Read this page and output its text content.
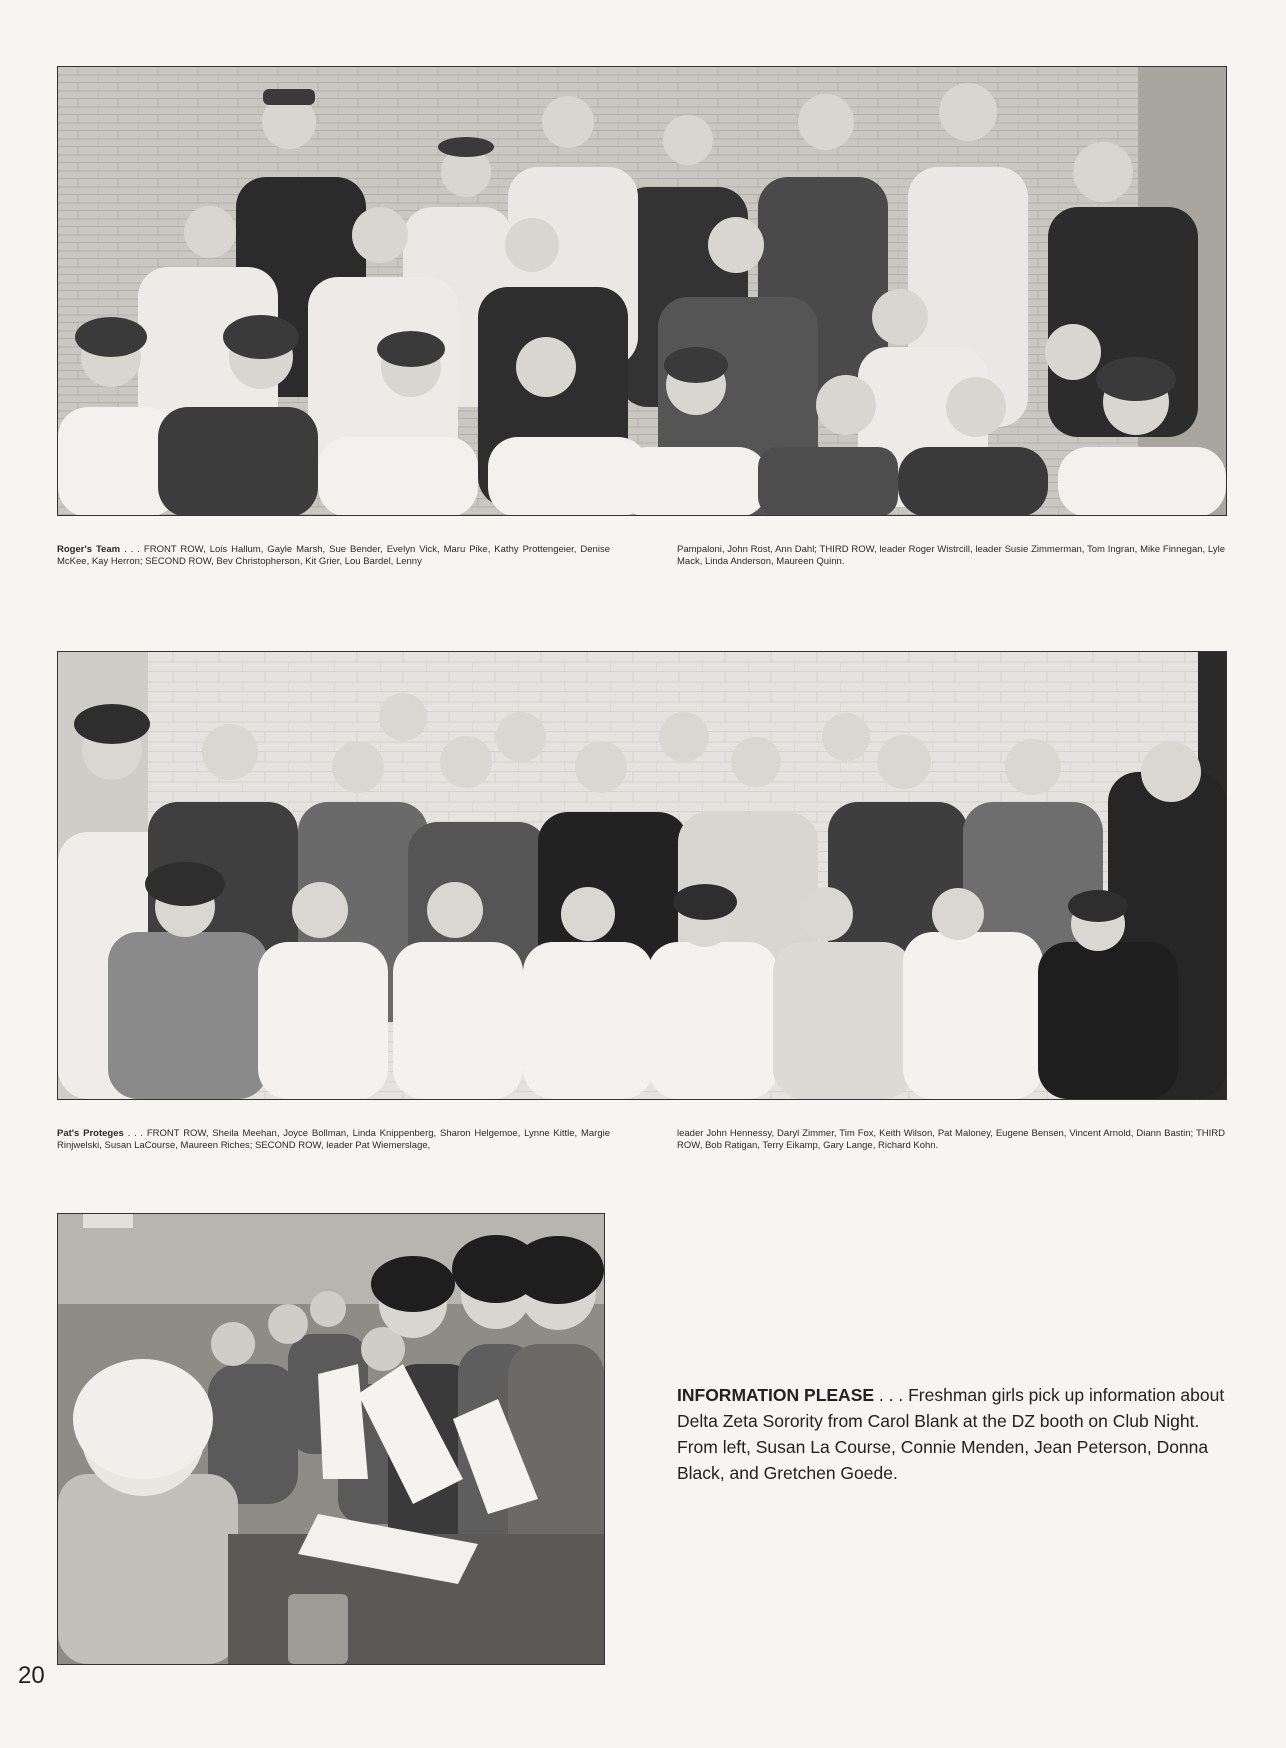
Roger's Team . . . FRONT ROW, Lois Hallum, Gayle Marsh, Sue Bender, Evelyn Vick, Maru Pike, Kathy Prottengeier, Denise McKee, Kay Herron; SECOND ROW, Bev Christopherson, Kit Grier, Lou Bardel, Lenny
Pampaloni, John Rost, Ann Dahl; THIRD ROW, leader Roger Wistrcill, leader Susie Zimmerman, Tom Ingran, Mike Finnegan, Lyle Mack, Linda Anderson, Maureen Quinn.
Pat's Proteges . . . FRONT ROW, Sheila Meehan, Joyce Bollman, Linda Knippenberg, Sharon Helgemoe, Lynne Kittle, Margie Rinjwelski, Susan LaCourse, Maureen Riches; SECOND ROW, leader Pat Wiemerslage,
leader John Hennessy, Daryl Zimmer, Tim Fox, Keith Wilson, Pat Maloney, Eugene Bensen, Vincent Arnold, Diann Bastin; THIRD ROW, Bob Ratigan, Terry Eikamp, Gary Lange, Richard Kohn.
INFORMATION PLEASE . . . Freshman girls pick up information about Delta Zeta Sorority from Carol Blank at the DZ booth on Club Night. From left, Susan La Course, Connie Menden, Jean Peterson, Donna Black, and Gretchen Goede.
20
